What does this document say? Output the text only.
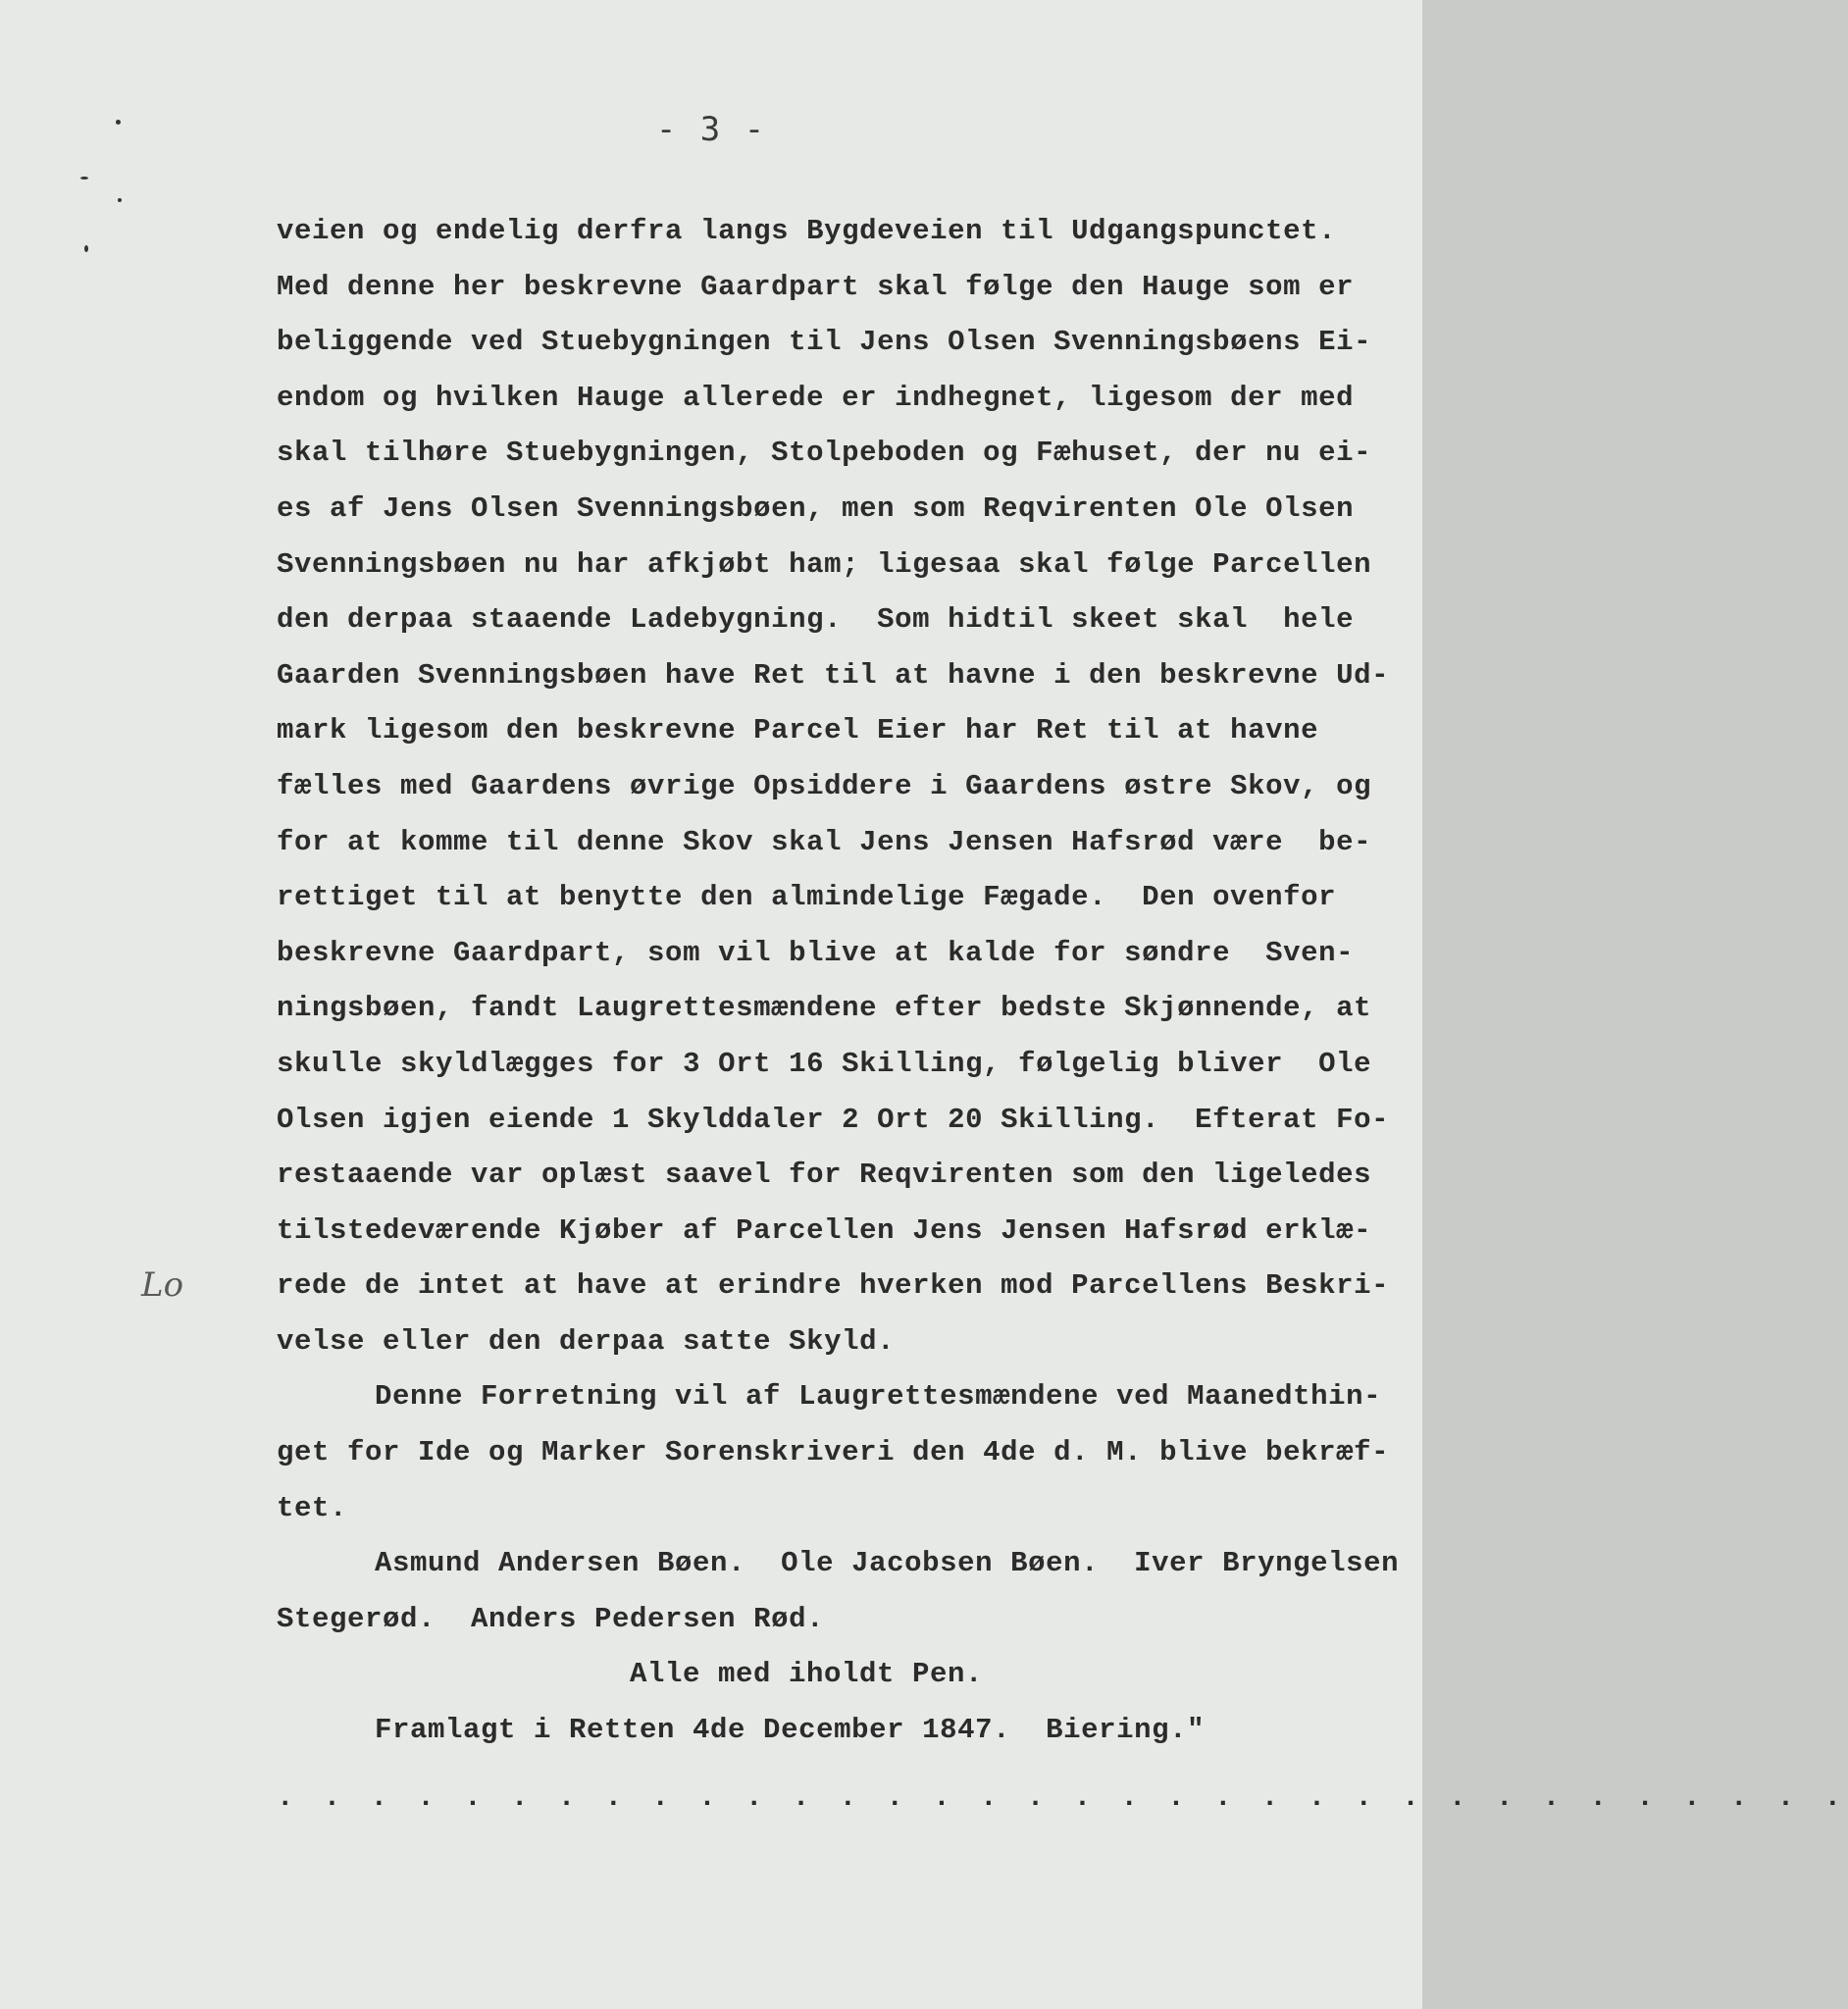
- 3 -
Lo
veien og endelig derfra langs Bygdeveien til Udgangspunctet.
Med denne her beskrevne Gaardpart skal følge den Hauge som er
beliggende ved Stuebygningen til Jens Olsen Svenningsbøens Ei-
endom og hvilken Hauge allerede er indhegnet, ligesom der med
skal tilhøre Stuebygningen, Stolpeboden og Fæhuset, der nu ei-
es af Jens Olsen Svenningsbøen, men som Reqvirenten Ole Olsen
Svenningsbøen nu har afkjøbt ham; ligesaa skal følge Parcellen
den derpaa staaende Ladebygning.  Som hidtil skeet skal  hele
Gaarden Svenningsbøen have Ret til at havne i den beskrevne Ud-
mark ligesom den beskrevne Parcel Eier har Ret til at havne
fælles med Gaardens øvrige Opsiddere i Gaardens østre Skov, og
for at komme til denne Skov skal Jens Jensen Hafsrød være  be-
rettiget til at benytte den almindelige Fægade.  Den ovenfor
beskrevne Gaardpart, som vil blive at kalde for søndre  Sven-
ningsbøen, fandt Laugrettesmændene efter bedste Skjønnende, at
skulle skyldlægges for 3 Ort 16 Skilling, følgelig bliver  Ole
Olsen igjen eiende 1 Skylddaler 2 Ort 20 Skilling.  Efterat Fo-
restaaende var oplæst saavel for Reqvirenten som den ligeledes
tilstedeværende Kjøber af Parcellen Jens Jensen Hafsrød erklæ-
rede de intet at have at erindre hverken mod Parcellens Beskri-
velse eller den derpaa satte Skyld.
Denne Forretning vil af Laugrettesmændene ved Maanedthin-
get for Ide og Marker Sorenskriveri den 4de d. M. blive bekræf-
tet.
Asmund Andersen Bøen.  Ole Jacobsen Bøen.  Iver Bryngelsen
Stegerød.  Anders Pedersen Rød.
Alle med iholdt Pen.
Framlagt i Retten 4de December 1847.  Biering."
. . . . . . . . . . . . . . . . . . . . . . . . . . . . . . . . . .
